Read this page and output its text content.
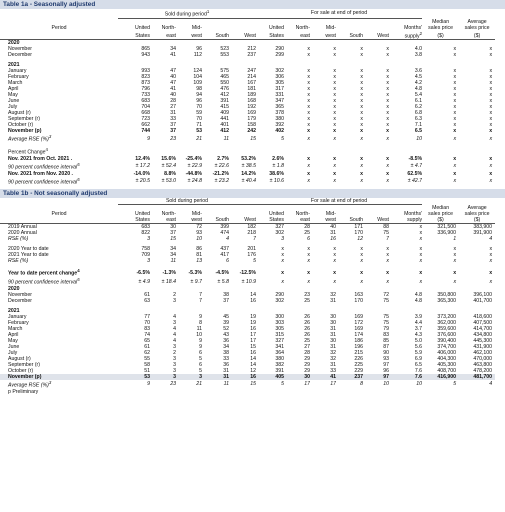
Table 1a - Seasonally adjusted
	Sold during period$^1$					For sale at end of period								
												Median	Average	
Period	United	North-	Mid-			United	North-	Mid-			Months'	sales price	sales price	
	States	east	west	South	West	States	east	west	South	West	supply$^2$	($)	($)	
2020														
November	865	34	96	523	212	290	x	x	x	x	4.0	x	x	
December	943	41	112	553	237	299	x	x	x	x	3.8	x	x	

2021														
January	993	47	124	575	247	302	x	x	x	x	3.6	x	x	
February	823	40	104	465	214	306	x	x	x	x	4.5	x	x	
March	873	47	109	550	167	305	x	x	x	x	4.2	x	x	
April	796	41	98	476	181	317	x	x	x	x	4.8	x	x	
May	733	40	94	412	189	331	x	x	x	x	5.4	x	x	
June	683	28	96	391	168	347	x	x	x	x	6.1	x	x	
July	704	27	70	415	192	365	x	x	x	x	6.2	x	x	
August (r)	668	31	59	409	169	378	x	x	x	x	6.8	x	x	
September (r)	723	33	70	441	179	380	x	x	x	x	6.3	x	x	
October (r)	662	37	71	401	158	392	x	x	x	x	7.1	x	x	
November (p)	744	37	53	412	242	402	x	x	x	x	6.5	x	x	
Average RSE (%)$^3$	9	23	21	11	15	5	x	x	x	x	10	x	x	

Percent Change$^4$	
Nov. 2021 from Oct. 2021 .	12.4%	15.6%	-25.4%	2.7%	53.2%	2.6%	x	x	x	x	-8.5%	x	x	
90 percent confidence interval$^5$	± 17.2	± 52.4	± 22.9	± 22.6	± 38.5	± 1.8	x	x	x	x	± 4.7	x	x	
Nov. 2021 from Nov. 2020 .	-14.0%	8.8%	-44.8%	-21.2%	14.2%	38.6%	x	x	x	x	62.5%	x	x	
90 percent confidence interval$^5$	± 20.5	± 53.0	± 24.8	± 23.2	± 40.4	± 10.6	x	x	x	x	± 42.7	x	x	
Table 1b - Not seasonally adjusted
	Sold during period					For sale at end of period								
												Median	Average	
Period	United	North-	Mid-			United	North-	Mid-			Months'	sales price	sales price	
	States	east	west	South	West	States	east	west	South	West	supply	($)	($)	
2019 Annual	683	30	72	399	182	327	28	40	171	88	x	321,500	383,900	
2020 Annual	822	37	93	474	218	302	25	31	170	75	x	336,900	391,900	
RSE (%)	3	15	10	4	7	3	6	16	12	7	x	1	4	

2020 Year to date	758	34	86	437	201	x	x	x	x	x	x	x	x	
2021 Year to date	709	34	81	417	176	x	x	x	x	x	x	x	x	
RSE (%)	3	11	13	6	5	x	x	x	x	x	x	x	x	

Year to date percent change$^4$	-6.5%	-1.3%	-5.3%	-4.5%	-12.5%	x	x	x	x	x	x	x	x	
90 percent confidence interval$^5$	± 4.9	± 18.4	± 9.7	± 5.8	± 10.9	x	x	x	x	x	x	x	x	
2020														
November	61	2	7	38	14	290	23	32	163	72	4.8	350,800	396,100	
December	63	3	7	37	16	302	25	31	170	75	4.8	365,300	401,700	

2021														
January	77	4	9	45	19	300	26	30	169	75	3.9	373,200	418,600	
February	70	3	8	39	19	303	26	30	172	75	4.4	362,000	407,500	
March	83	4	11	52	16	305	26	31	169	79	3.7	359,600	414,700	
April	74	4	10	43	17	315	26	31	174	83	4.3	376,600	434,800	
May	65	4	9	36	17	327	25	30	186	85	5.0	390,400	445,300	
June	61	3	9	34	15	341	27	31	196	87	5.6	374,700	431,900	
July	62	2	6	38	16	364	28	32	215	90	5.9	406,000	462,100	
August (r)	55	3	5	33	14	380	29	32	226	93	6.9	404,300	470,000	
September (r)	58	3	6	36	14	382	29	31	225	97	6.5	405,300	463,800	
October (r)	51	3	5	31	12	391	29	33	229	96	7.6	408,700	478,200	
November (p)	53	3	3	31	16	405	30	41	237	97	7.6	416,900	481,700	
Average RSE (%)$^3$	9	23	21	11	15	5	17	17	8	10	10	5	4	
p Preliminary
